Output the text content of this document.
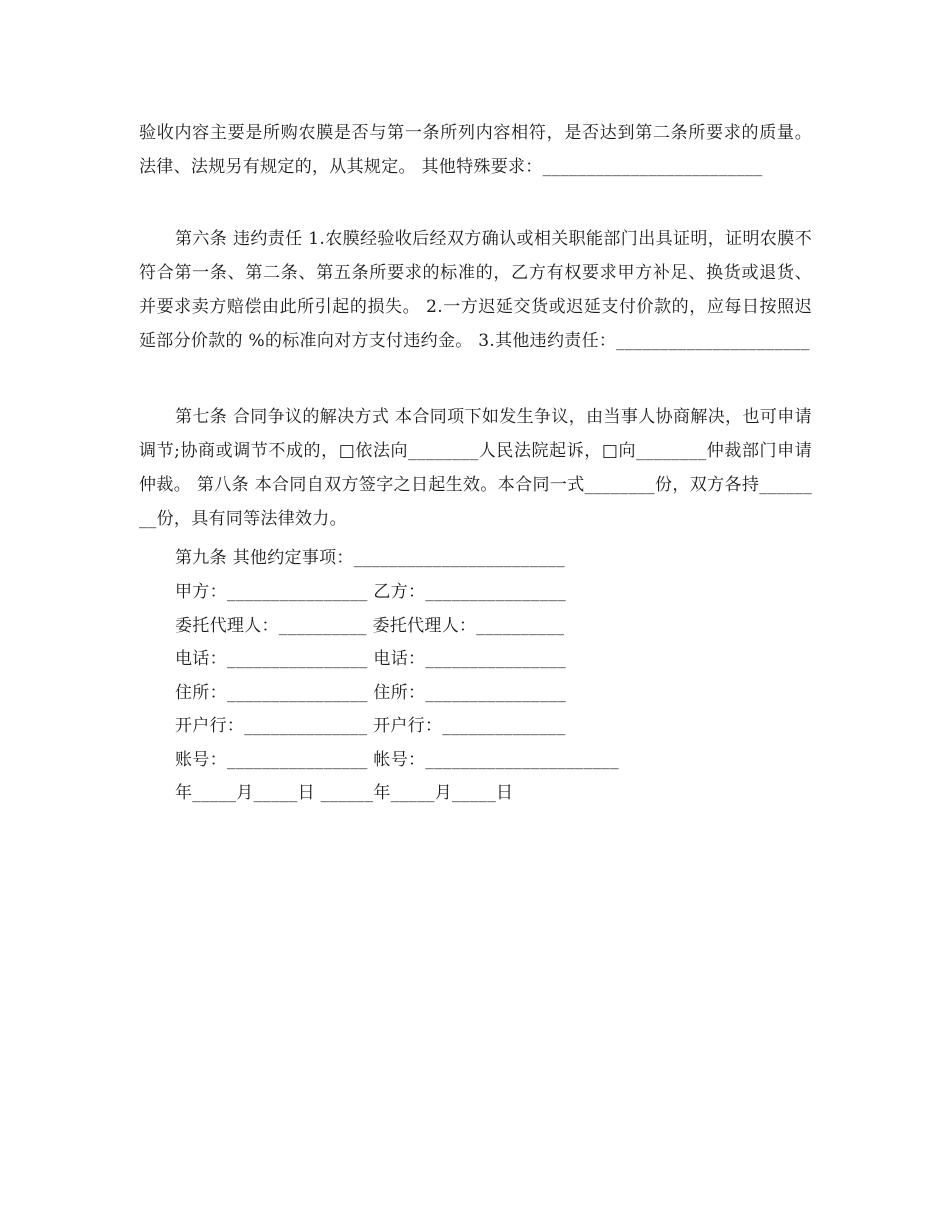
验收内容主要是所购农膜是否与第一条所列内容相符，是否达到第二条所要求的质量。法律、法规另有规定的，从其规定。 其他特殊要求：_________________________
第六条 违约责任 1.农膜经验收后经双方确认或相关职能部门出具证明，证明农膜不符合第一条、第二条、第五条所要求的标准的，乙方有权要求甲方补足、换货或退货、并要求卖方赔偿由此所引起的损失。 2.一方迟延交货或迟延支付价款的，应每日按照迟延部分价款的 %的标准向对方支付违约金。 3.其他违约责任：______________________
第七条 合同争议的解决方式 本合同项下如发生争议，由当事人协商解决，也可申请调节;协商或调节不成的，□依法向________人民法院起诉，□向________仲裁部门申请仲裁。 第八条 本合同自双方签字之日起生效。本合同一式________份，双方各持________份，具有同等法律效力。
第九条 其他约定事项：________________________
甲方：________________ 乙方：________________
委托代理人：__________ 委托代理人：__________
电话：________________ 电话：________________
住所：________________ 住所：________________
开户行：______________ 开户行：______________
账号：________________ 帐号：______________________
年_____月_____日 ______年_____月_____日
